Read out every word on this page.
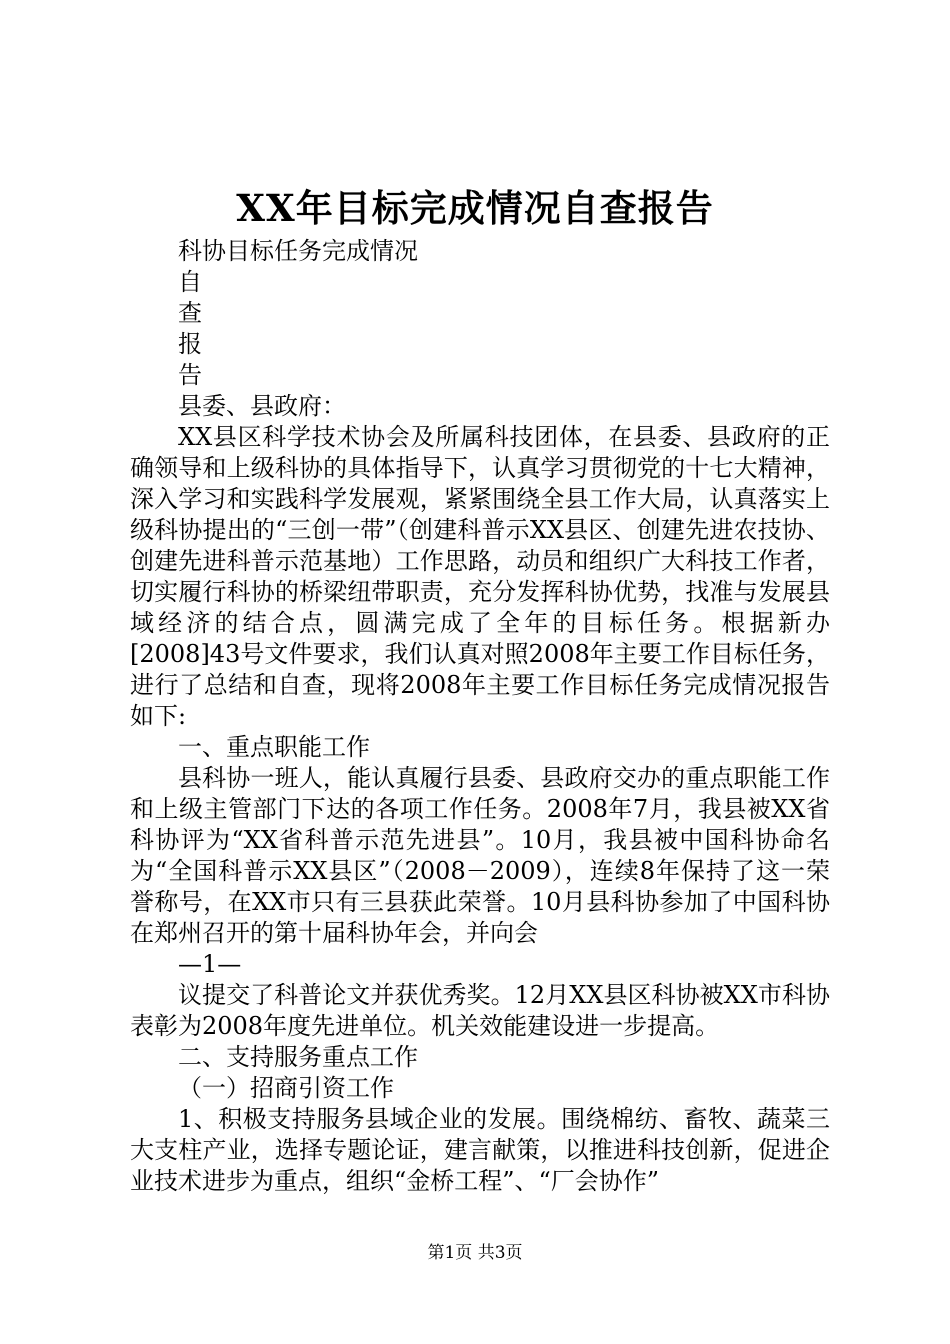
XX年目标完成情况自查报告

科协目标任务完成情况

自

查

报

告

县委、县政府：

XX县区科学技术协会及所属科技团体，在县委、县政府的正确领导和上级科协的具体指导下，认真学习贯彻党的十七大精神，深入学习和实践科学发展观，紧紧围绕全县工作大局，认真落实上级科协提出的“三创一带”（创建科普示XX县区、创建先进农技协、创建先进科普示范基地）工作思路，动员和组织广大科技工作者，切实履行科协的桥梁纽带职责，充分发挥科协优势，找准与发展县域经济的结合点，圆满完成了全年的目标任务。根据新办[2008]43号文件要求，我们认真对照2008年主要工作目标任务，进行了总结和自查，现将2008年主要工作目标任务完成情况报告如下:

一、重点职能工作

县科协一班人，能认真履行县委、县政府交办的重点职能工作和上级主管部门下达的各项工作任务。2008年7月，我县被XX省科协评为“XX省科普示范先进县”。10月，我县被中国科协命名为“全国科普示XX县区”（2008－2009），连续8年保持了这一荣誉称号，在XX市只有三县获此荣誉。10月县科协参加了中国科协在郑州召开的第十届科协年会，并向会

—1—

议提交了科普论文并获优秀奖。12月XX县区科协被XX市科协表彰为2008年度先进单位。机关效能建设进一步提高。

二、支持服务重点工作

（一）招商引资工作

1、积极支持服务县域企业的发展。围绕棉纺、畜牧、蔬菜三大支柱产业，选择专题论证，建言献策，以推进科技创新，促进企业技术进步为重点，组织“金桥工程”、“厂会协作”

第1页 共3页
